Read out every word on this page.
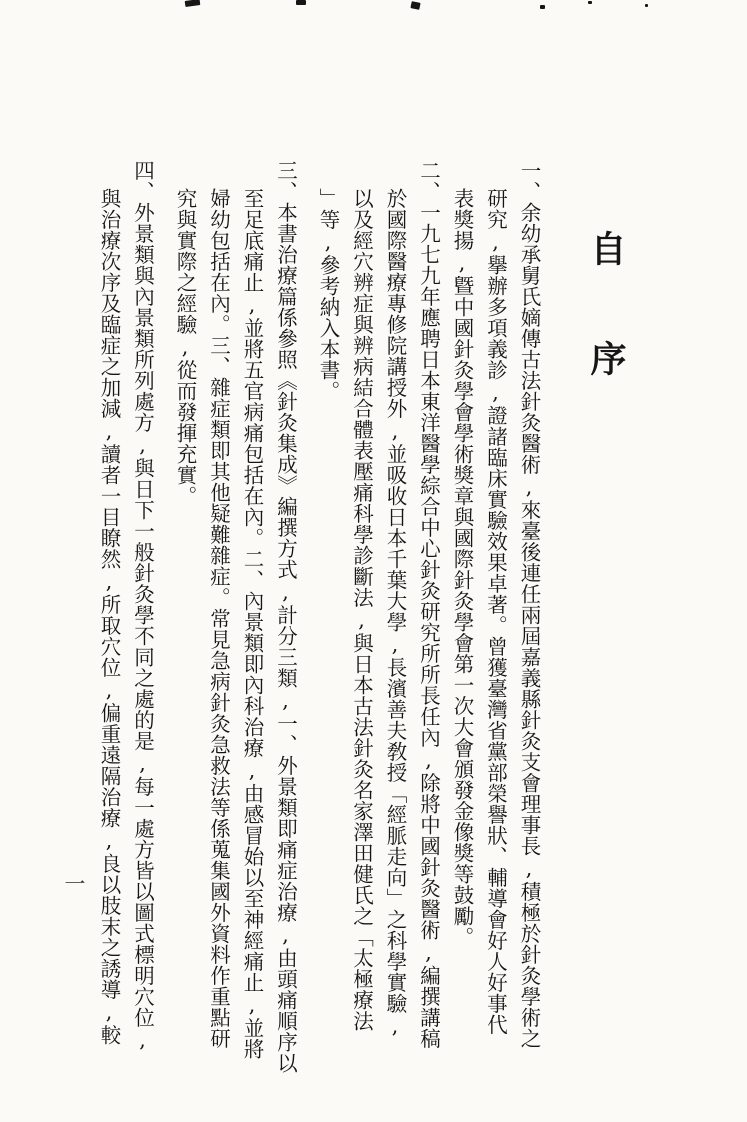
自序
一、余幼承舅氏嫡傳古法針灸醫術,來臺後連任兩屆嘉義縣針灸支會理事長,積極於針灸學術之
研究,擧辦多項義診,證諸臨床實驗效果卓著。曾獲臺灣省黨部榮譽狀、輔導會好人好事代
表獎揚,曁中國針灸學會學術獎章與國際針灸學會第一次大會頒發金像獎等鼓勵。
二、一九七九年應聘日本東洋醫學綜合中心針灸研究所所長任內,除將中國針灸醫術,編撰講稿
於國際醫療專修院講授外,並吸收日本千葉大學,長濱善夫敎授「經脈走向」之科學實驗,
以及經穴辨症與辨病結合體表壓痛科學診斷法,與日本古法針灸名家澤田健氏之「太極療法
」等,參考納入本書。
三、本書治療篇係參照《針灸集成》編撰方式,計分三類,一、外景類即痛症治療,由頭痛順序以
至足底痛止,並將五官病痛包括在內。二、內景類即內科治療,由感冒始以至神經痛止,並將
婦幼包括在內。三、雜症類即其他疑難雜症。常見急病針灸急救法等係蒐集國外資料作重點研
究與實際之經驗,從而發揮充實。
四、外景類與內景類所列處方,與日下一般針灸學不同之處的是,每一處方皆以圖式標明穴位,
與治療次序及臨症之加減,讀者一目瞭然,所取穴位,偏重遠隔治療,良以肢末之誘導,較
一
